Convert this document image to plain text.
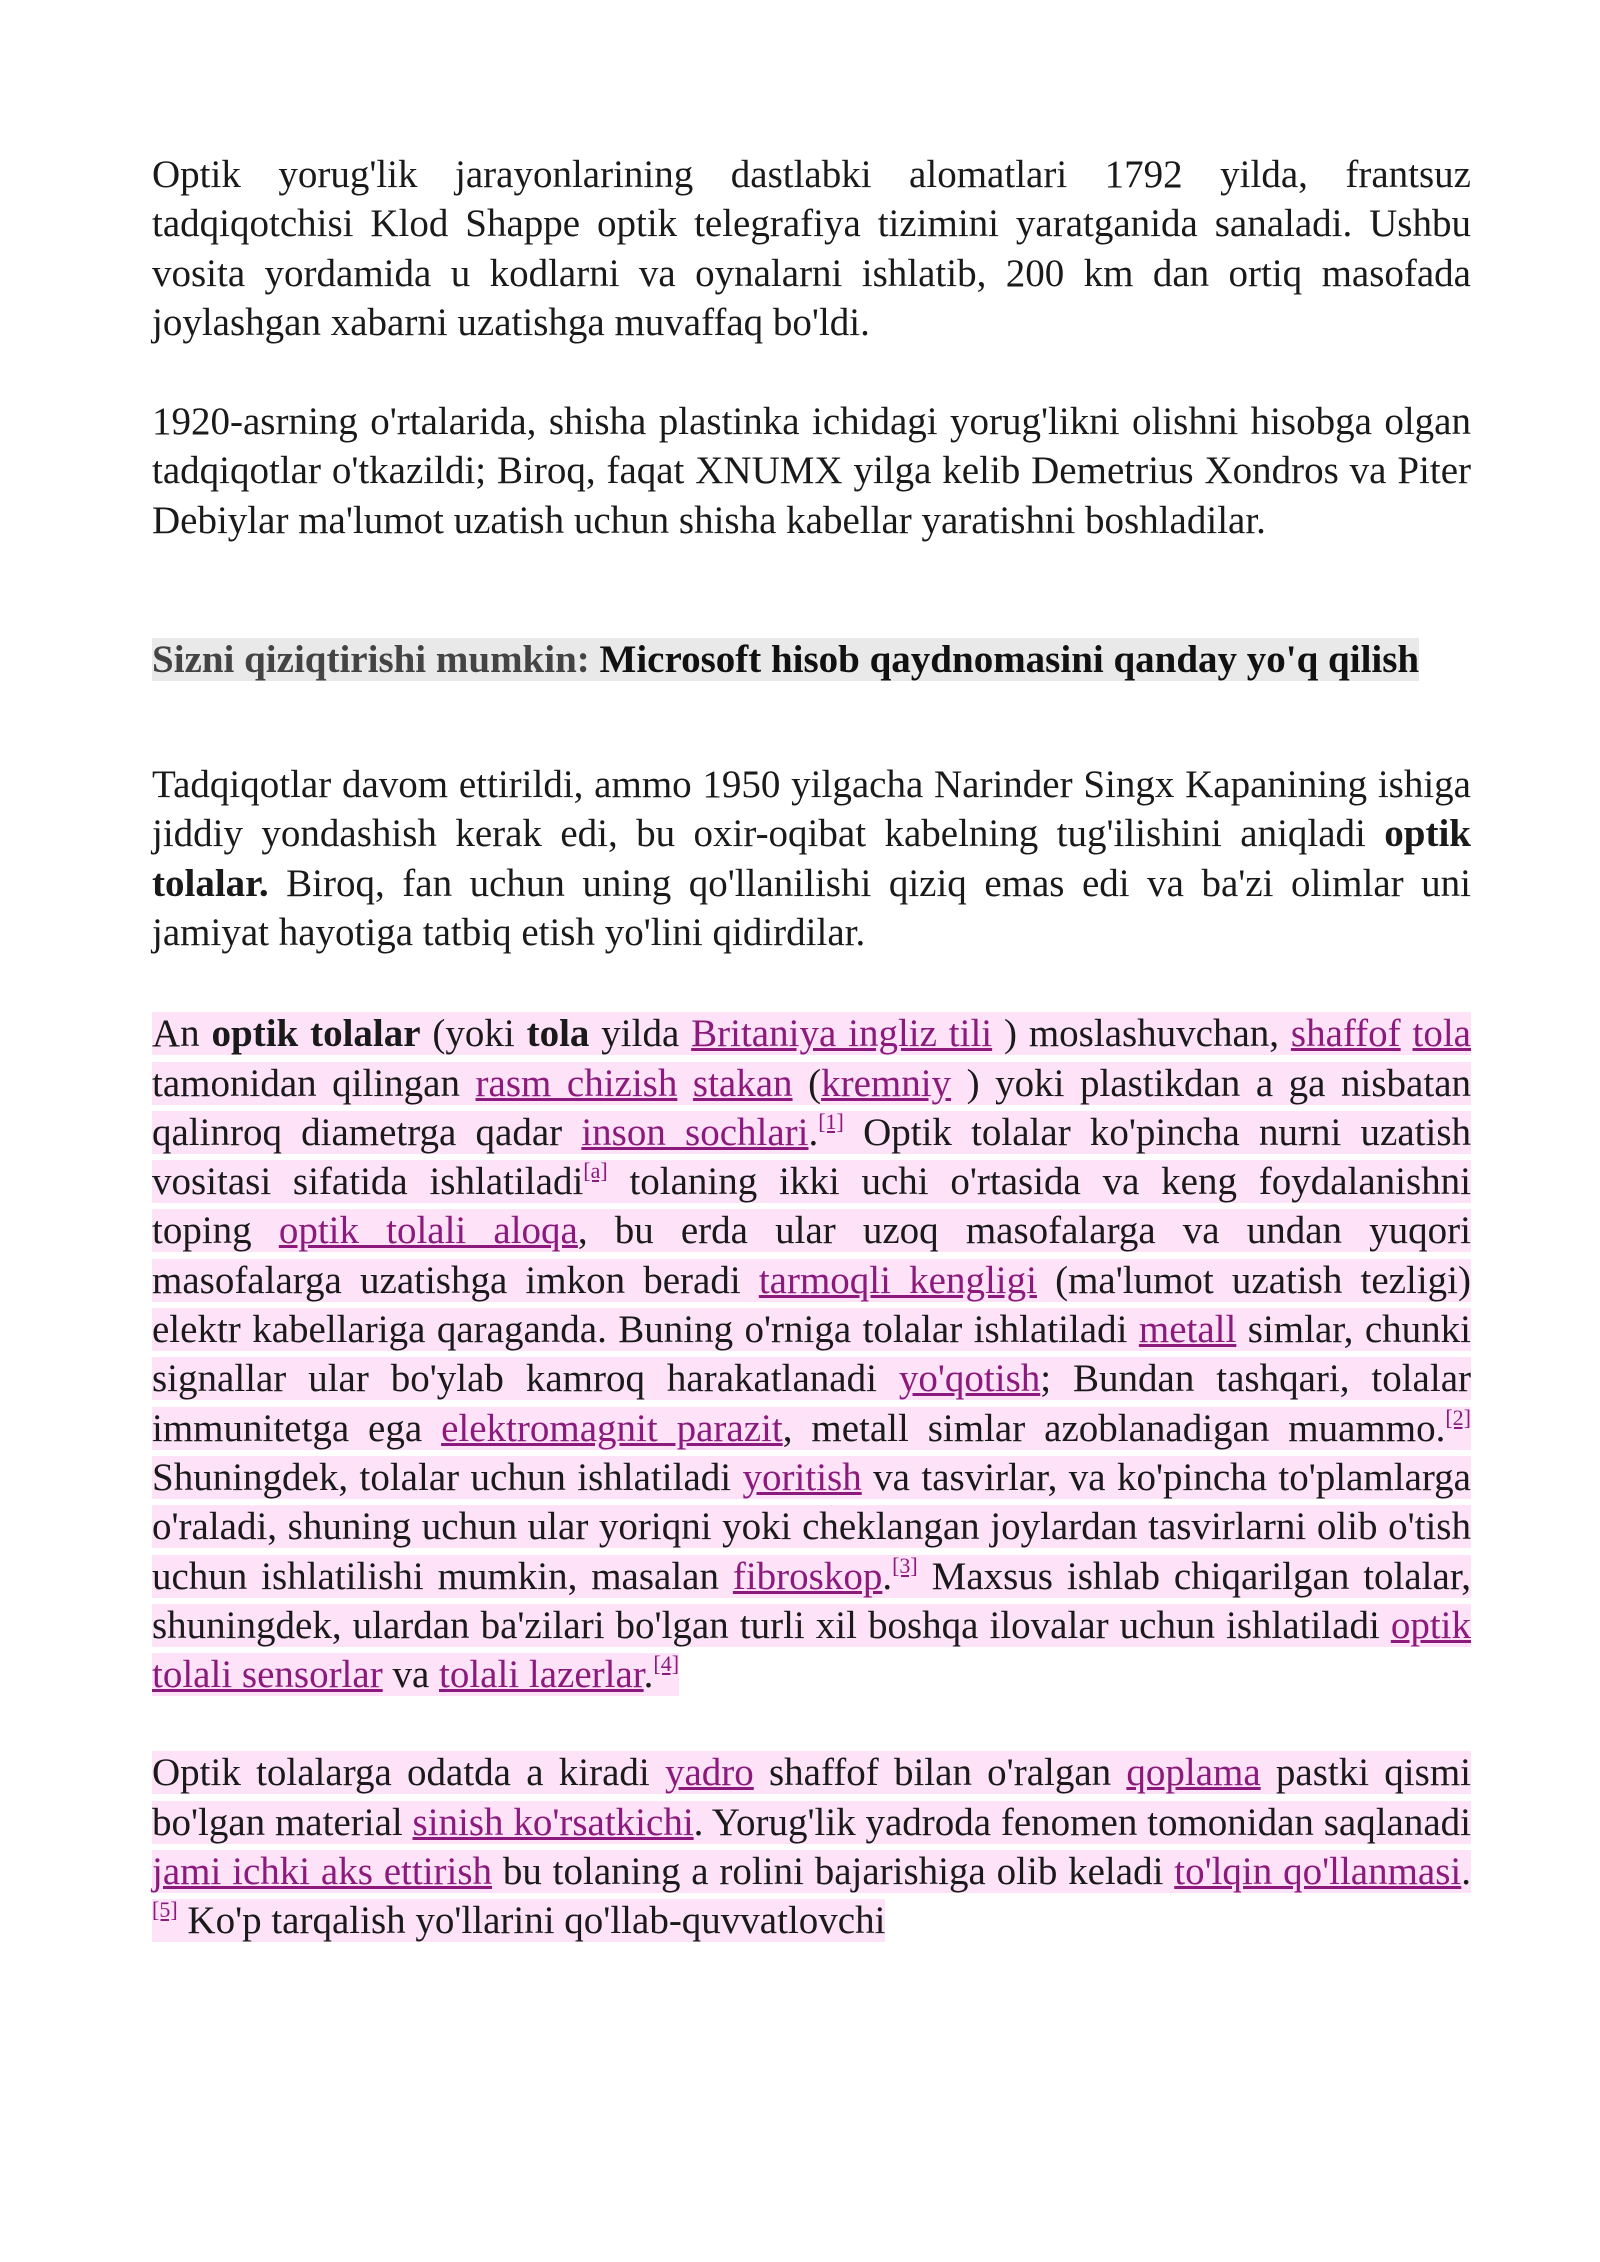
Optik yorug'lik jarayonlarining dastlabki alomatlari 1792 yilda, frantsuz tadqiqotchisi Klod Shappe optik telegrafiya tizimini yaratganida sanaladi. Ushbu vosita yordamida u kodlarni va oynalarni ishlatib, 200 km dan ortiq masofada joylashgan xabarni uzatishga muvaffaq bo'ldi.

1920-asrning o'rtalarida, shisha plastinka ichidagi yorug'likni olishni hisobga olgan tadqiqotlar o'tkazildi; Biroq, faqat XNUMX yilga kelib Demetrius Xondros va Piter Debiylar ma'lumot uzatish uchun shisha kabellar yaratishni boshladilar.

Sizni qiziqtirishi mumkin: Microsoft hisob qaydnomasini qanday yo'q qilish

Tadqiqotlar davom ettirildi, ammo 1950 yilgacha Narinder Singx Kapanining ishiga jiddiy yondashish kerak edi, bu oxir-oqibat kabelning tug'ilishini aniqladi optik tolalar. Biroq, fan uchun uning qo'llanilishi qiziq emas edi va ba'zi olimlar uni jamiyat hayotiga tatbiq etish yo'lini qidirdilar.

An optik tolalar (yoki tola yilda Britaniya ingliz tili ) moslashuvchan, shaffof tola tamonidan qilingan rasm chizish stakan (kremniy ) yoki plastikdan a ga nisbatan qalinroq diametrga qadar inson sochlari.[1] Optik tolalar ko'pincha nurni uzatish vositasi sifatida ishlatiladi[a] tolaning ikki uchi o'rtasida va keng foydalanishni toping optik tolali aloqa, bu erda ular uzoq masofalarga va undan yuqori masofalarga uzatishga imkon beradi tarmoqli kengligi (ma'lumot uzatish tezligi) elektr kabellariga qaraganda. Buning o'rniga tolalar ishlatiladi metall simlar, chunki signallar ular bo'ylab kamroq harakatlanadi yo'qotish; Bundan tashqari, tolalar immunitetga ega elektromagnit parazit, metall simlar azoblanadigan muammo.[2] Shuningdek, tolalar uchun ishlatiladi yoritish va tasvirlar, va ko'pincha to'plamlarga o'raladi, shuning uchun ular yoriqni yoki cheklangan joylardan tasvirlarni olib o'tish uchun ishlatilishi mumkin, masalan fibroskop.[3] Maxsus ishlab chiqarilgan tolalar, shuningdek, ulardan ba'zilari bo'lgan turli xil boshqa ilovalar uchun ishlatiladi optik tolali sensorlar va tolali lazerlar.[4]

Optik tolalarga odatda a kiradi yadro shaffof bilan o'ralgan qoplama pastki qismi bo'lgan material sinish ko'rsatkichi. Yorug'lik yadroda fenomen tomonidan saqlanadi jami ichki aks ettirish bu tolaning a rolini bajarishiga olib keladi to'lqin qo'llanmasi.[5] Ko'p tarqalish yo'llarini qo'llab-quvvatlovchi
